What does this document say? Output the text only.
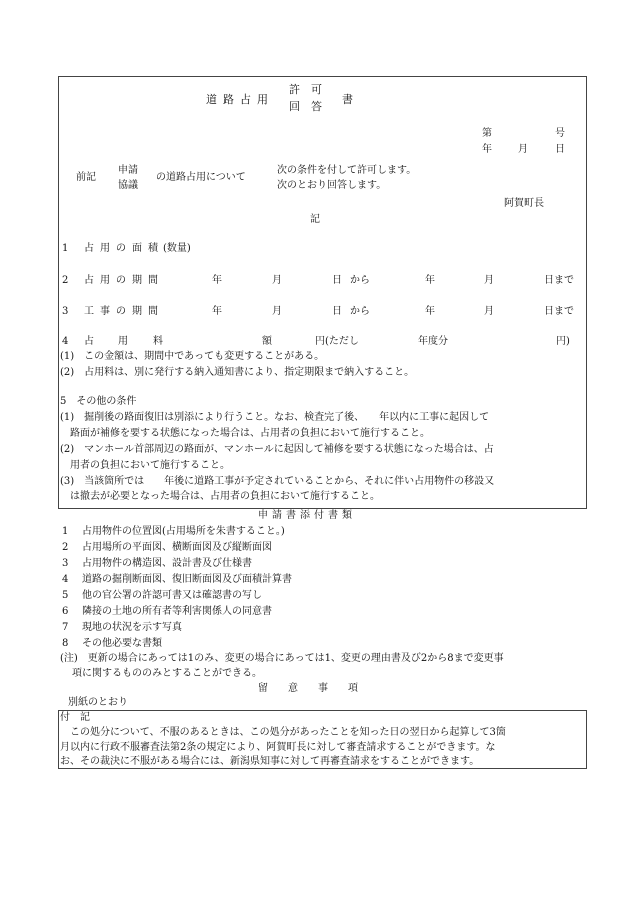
道路占用
許　可
回　答
書
第	号
年	月	日
前記
申請
協議
の道路占用について
次の条件を付して許可します。
次のとおり回答します。
阿賀町長
記
1 占用の面積 (数量)
2 占用の期間	年	月	日 から	年	月	日まで
3 工事の期間	年	月	日 から	年	月	日まで
4 占 用	料	額	円(ただし	年度分	円)
(1)　この金額は、期間中であっても変更することがある。
(2)　占用料は、別に発行する納入通知書により、指定期限まで納入すること。
5　その他の条件
(1)　掘削後の路面復旧は別添により行うこと。なお、検査完了後、　　年以内に工事に起因して
　路面が補修を要する状態になった場合は、占用者の負担において施行すること。
(2)　マンホール首部周辺の路面が、マンホールに起因して補修を要する状態になった場合は、占
　用者の負担において施行すること。
(3)　当該箇所では　　年後に道路工事が予定されていることから、それに伴い占用物件の移設又
　は撤去が必要となった場合は、占用者の負担において施行すること。
申請書添付書類
1 占用物件の位置図(占用場所を朱書すること。)
2 占用場所の平面図、横断面図及び縦断面図
3 占用物件の構造図、設計書及び仕様書
4 道路の掘削断面図、復旧断面図及び面積計算書
5 他の官公署の許認可書又は確認書の写し
6 隣接の土地の所有者等利害関係人の同意書
7 現地の状況を示す写真
8 その他必要な書類
(注)　更新の場合にあっては1のみ、変更の場合にあっては1、変更の理由書及び2から8まで変更事
項に関するもののみとすることができる。
留　　意　　事　　項
別紙のとおり
付　記
　この処分について、不服のあるときは、この処分があったことを知った日の翌日から起算して3箇
月以内に行政不服審査法第2条の規定により、阿賀町長に対して審査請求することができます。な
お、その裁決に不服がある場合には、新潟県知事に対して再審査請求をすることができます。
